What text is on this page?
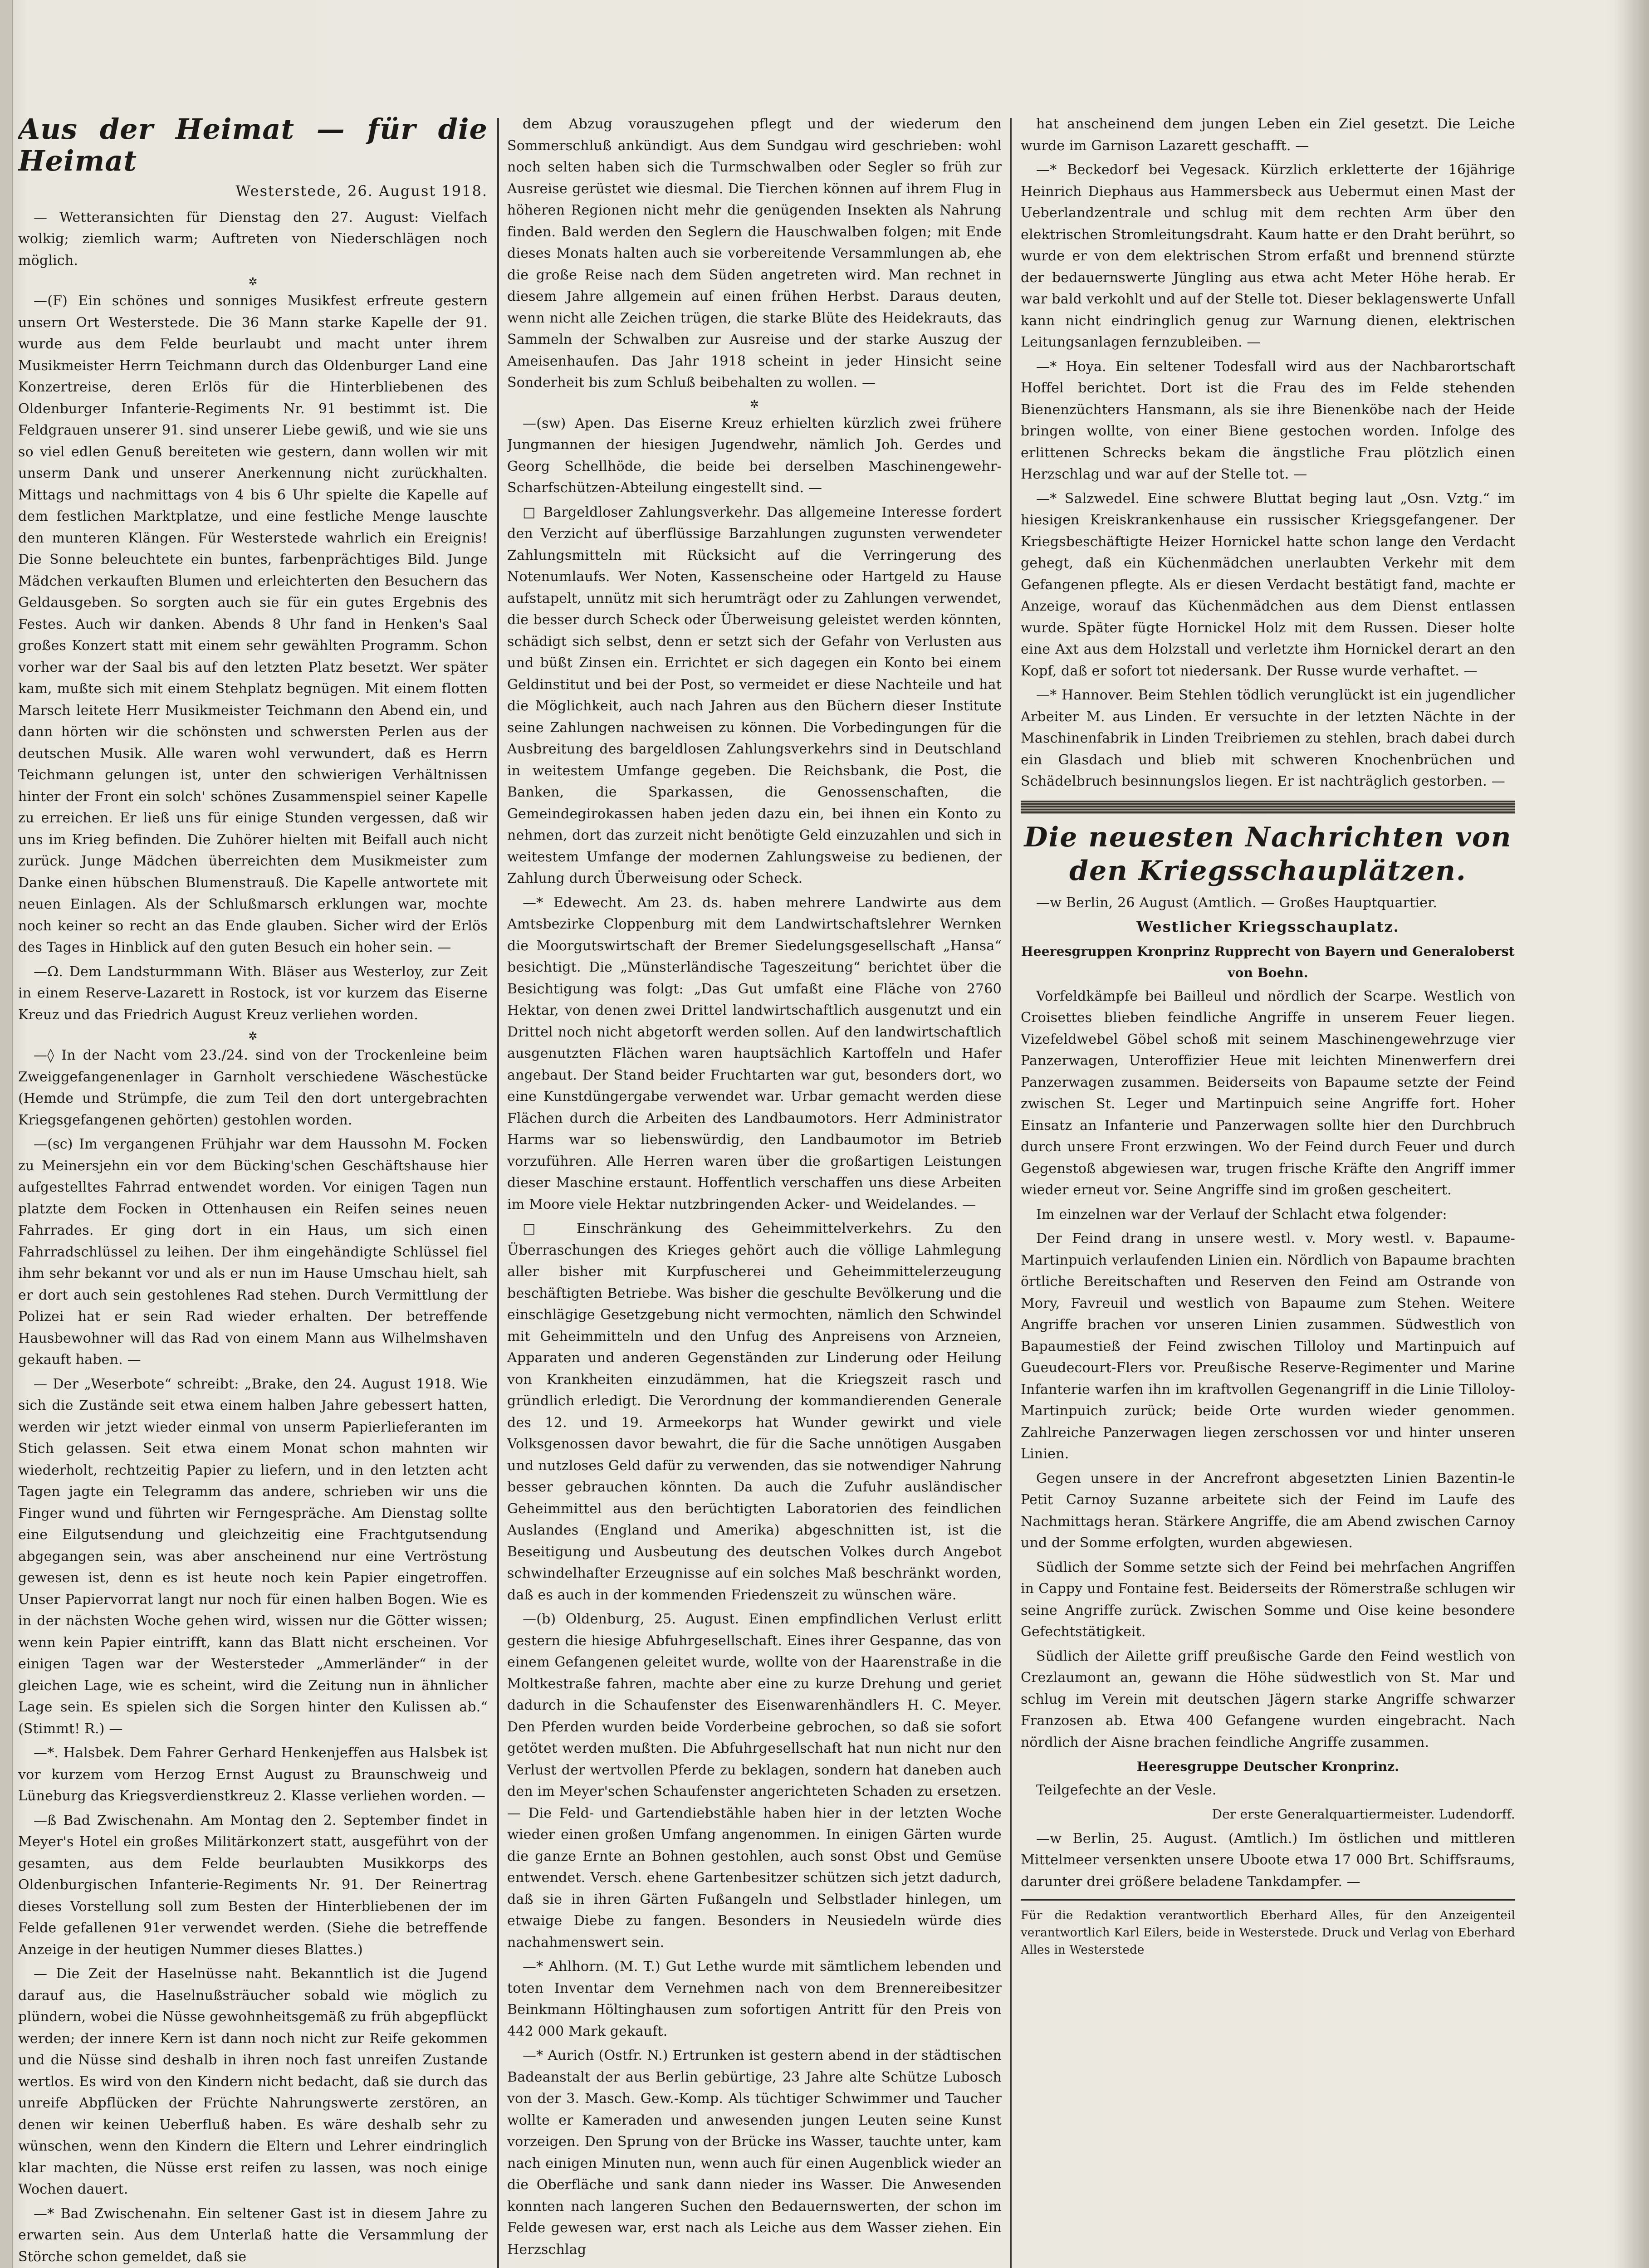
Aus der Heimat — für die Heimat

Westerstede, 26. August 1918.

— Wetteransichten für Dienstag den 27. August: Vielfach wolkig; ziemlich warm; Auftreten von Niederschlägen noch möglich.

✲

—(F) Ein schönes und sonniges Musikfest erfreute gestern unsern Ort Westerstede. Die 36 Mann starke Kapelle der 91. wurde aus dem Felde beurlaubt und macht unter ihrem Musikmeister Herrn Teichmann durch das Oldenburger Land eine Konzertreise, deren Erlös für die Hinterbliebenen des Oldenburger Infanterie-Regiments Nr. 91 bestimmt ist. Die Feldgrauen unserer 91. sind unserer Liebe gewiß, und wie sie uns so viel edlen Genuß bereiteten wie gestern, dann wollen wir mit unserm Dank und unserer Anerkennung nicht zurückhalten. Mittags und nachmittags von 4 bis 6 Uhr spielte die Kapelle auf dem festlichen Marktplatze, und eine festliche Menge lauschte den munteren Klängen. Für Westerstede wahrlich ein Ereignis! Die Sonne beleuchtete ein buntes, farbenprächtiges Bild. Junge Mädchen verkauften Blumen und erleichterten den Besuchern das Geldausgeben. So sorgten auch sie für ein gutes Ergebnis des Festes. Auch wir danken. Abends 8 Uhr fand in Henken's Saal großes Konzert statt mit einem sehr gewählten Programm. Schon vorher war der Saal bis auf den letzten Platz besetzt. Wer später kam, mußte sich mit einem Stehplatz begnügen. Mit einem flotten Marsch leitete Herr Musikmeister Teichmann den Abend ein, und dann hörten wir die schönsten und schwersten Perlen aus der deutschen Musik. Alle waren wohl verwundert, daß es Herrn Teichmann gelungen ist, unter den schwierigen Verhältnissen hinter der Front ein solch' schönes Zusammenspiel seiner Kapelle zu erreichen. Er ließ uns für einige Stunden vergessen, daß wir uns im Krieg befinden. Die Zuhörer hielten mit Beifall auch nicht zurück. Junge Mädchen überreichten dem Musikmeister zum Danke einen hübschen Blumenstrauß. Die Kapelle antwortete mit neuen Einlagen. Als der Schlußmarsch erklungen war, mochte noch keiner so recht an das Ende glauben. Sicher wird der Erlös des Tages in Hinblick auf den guten Besuch ein hoher sein. —

—Ω. Dem Landsturmmann With. Bläser aus Westerloy, zur Zeit in einem Reserve-Lazarett in Rostock, ist vor kurzem das Eiserne Kreuz und das Friedrich August Kreuz verliehen worden.

✲

—◊ In der Nacht vom 23./24. sind von der Trockenleine beim Zweiggefangenenlager in Garnholt verschiedene Wäschestücke (Hemde und Strümpfe, die zum Teil den dort untergebrachten Kriegsgefangenen gehörten) gestohlen worden.

—(sc) Im vergangenen Frühjahr war dem Haussohn M. Focken zu Meinersjehn ein vor dem Bücking'schen Geschäftshause hier aufgestelltes Fahrrad entwendet worden. Vor einigen Tagen nun platzte dem Focken in Ottenhausen ein Reifen seines neuen Fahrrades. Er ging dort in ein Haus, um sich einen Fahrradschlüssel zu leihen. Der ihm eingehändigte Schlüssel fiel ihm sehr bekannt vor und als er nun im Hause Umschau hielt, sah er dort auch sein gestohlenes Rad stehen. Durch Vermittlung der Polizei hat er sein Rad wieder erhalten. Der betreffende Hausbewohner will das Rad von einem Mann aus Wilhelmshaven gekauft haben. —

— Der „Weserbote“ schreibt: „Brake, den 24. August 1918. Wie sich die Zustände seit etwa einem halben Jahre gebessert hatten, werden wir jetzt wieder einmal von unserm Papierlieferanten im Stich gelassen. Seit etwa einem Monat schon mahnten wir wiederholt, rechtzeitig Papier zu liefern, und in den letzten acht Tagen jagte ein Telegramm das andere, schrieben wir uns die Finger wund und führten wir Ferngespräche. Am Dienstag sollte eine Eilgutsendung und gleichzeitig eine Frachtgutsendung abgegangen sein, was aber anscheinend nur eine Vertröstung gewesen ist, denn es ist heute noch kein Papier eingetroffen. Unser Papiervorrat langt nur noch für einen halben Bogen. Wie es in der nächsten Woche gehen wird, wissen nur die Götter wissen; wenn kein Papier eintrifft, kann das Blatt nicht erscheinen. Vor einigen Tagen war der Westersteder „Ammerländer“ in der gleichen Lage, wie es scheint, wird die Zeitung nun in ähnlicher Lage sein. Es spielen sich die Sorgen hinter den Kulissen ab.“ (Stimmt! R.) —

—*. Halsbek. Dem Fahrer Gerhard Henkenjeffen aus Halsbek ist vor kurzem vom Herzog Ernst August zu Braunschweig und Lüneburg das Kriegsverdienstkreuz 2. Klasse verliehen worden. —

—ß Bad Zwischenahn. Am Montag den 2. September findet in Meyer's Hotel ein großes Militärkonzert statt, ausgeführt von der gesamten, aus dem Felde beurlaubten Musikkorps des Oldenburgischen Infanterie-Regiments Nr. 91. Der Reinertrag dieses Vorstellung soll zum Besten der Hinterbliebenen der im Felde gefallenen 91er verwendet werden. (Siehe die betreffende Anzeige in der heutigen Nummer dieses Blattes.)

— Die Zeit der Haselnüsse naht. Bekanntlich ist die Jugend darauf aus, die Haselnußsträucher sobald wie möglich zu plündern, wobei die Nüsse gewohnheitsgemäß zu früh abgepflückt werden; der innere Kern ist dann noch nicht zur Reife gekommen und die Nüsse sind deshalb in ihren noch fast unreifen Zustande wertlos. Es wird von den Kindern nicht bedacht, daß sie durch das unreife Abpflücken der Früchte Nahrungswerte zerstören, an denen wir keinen Ueberfluß haben. Es wäre deshalb sehr zu wünschen, wenn den Kindern die Eltern und Lehrer eindringlich klar machten, die Nüsse erst reifen zu lassen, was noch einige Wochen dauert.

—* Bad Zwischenahn. Ein seltener Gast ist in diesem Jahre zu erwarten sein. Aus dem Unterlaß hatte die Versammlung der Störche schon gemeldet, daß sie

dem Abzug vorauszugehen pflegt und der wiederum den Sommerschluß ankündigt. Aus dem Sundgau wird geschrieben: wohl noch selten haben sich die Turmschwalben oder Segler so früh zur Ausreise gerüstet wie diesmal. Die Tierchen können auf ihrem Flug in höheren Regionen nicht mehr die genügenden Insekten als Nahrung finden. Bald werden den Seglern die Hauschwalben folgen; mit Ende dieses Monats halten auch sie vorbereitende Versammlungen ab, ehe die große Reise nach dem Süden angetreten wird. Man rechnet in diesem Jahre allgemein auf einen frühen Herbst. Daraus deuten, wenn nicht alle Zeichen trügen, die starke Blüte des Heidekrauts, das Sammeln der Schwalben zur Ausreise und der starke Auszug der Ameisenhaufen. Das Jahr 1918 scheint in jeder Hinsicht seine Sonderheit bis zum Schluß beibehalten zu wollen. —

✲

—(sw) Apen. Das Eiserne Kreuz erhielten kürzlich zwei frühere Jungmannen der hiesigen Jugendwehr, nämlich Joh. Gerdes und Georg Schellhöde, die beide bei derselben Maschinengewehr-Scharfschützen-Abteilung eingestellt sind. —

□ Bargeldloser Zahlungsverkehr. Das allgemeine Interesse fordert den Verzicht auf überflüssige Barzahlungen zugunsten verwendeter Zahlungsmitteln mit Rücksicht auf die Verringerung des Notenumlaufs. Wer Noten, Kassenscheine oder Hartgeld zu Hause aufstapelt, unnütz mit sich herumträgt oder zu Zahlungen verwendet, die besser durch Scheck oder Überweisung geleistet werden könnten, schädigt sich selbst, denn er setzt sich der Gefahr von Verlusten aus und büßt Zinsen ein. Errichtet er sich dagegen ein Konto bei einem Geldinstitut und bei der Post, so vermeidet er diese Nachteile und hat die Möglichkeit, auch nach Jahren aus den Büchern dieser Institute seine Zahlungen nachweisen zu können. Die Vorbedingungen für die Ausbreitung des bargeldlosen Zahlungsverkehrs sind in Deutschland in weitestem Umfange gegeben. Die Reichsbank, die Post, die Banken, die Sparkassen, die Genossenschaften, die Gemeindegirokassen haben jeden dazu ein, bei ihnen ein Konto zu nehmen, dort das zurzeit nicht benötigte Geld einzuzahlen und sich in weitestem Umfange der modernen Zahlungsweise zu bedienen, der Zahlung durch Überweisung oder Scheck.

—* Edewecht. Am 23. ds. haben mehrere Landwirte aus dem Amtsbezirke Cloppenburg mit dem Landwirtschaftslehrer Wernken die Moorgutswirtschaft der Bremer Siedelungsgesellschaft „Hansa“ besichtigt. Die „Münsterländische Tageszeitung“ berichtet über die Besichtigung was folgt: „Das Gut umfaßt eine Fläche von 2760 Hektar, von denen zwei Drittel landwirtschaftlich ausgenutzt und ein Drittel noch nicht abgetorft werden sollen. Auf den landwirtschaftlich ausgenutzten Flächen waren hauptsächlich Kartoffeln und Hafer angebaut. Der Stand beider Fruchtarten war gut, besonders dort, wo eine Kunstdüngergabe verwendet war. Urbar gemacht werden diese Flächen durch die Arbeiten des Landbaumotors. Herr Administrator Harms war so liebenswürdig, den Landbaumotor im Betrieb vorzuführen. Alle Herren waren über die großartigen Leistungen dieser Maschine erstaunt. Hoffentlich verschaffen uns diese Arbeiten im Moore viele Hektar nutzbringenden Acker- und Weidelandes. —

□ Einschränkung des Geheimmittelverkehrs. Zu den Überraschungen des Krieges gehört auch die völlige Lahmlegung aller bisher mit Kurpfuscherei und Geheimmittelerzeugung beschäftigten Betriebe. Was bisher die geschulte Bevölkerung und die einschlägige Gesetzgebung nicht vermochten, nämlich den Schwindel mit Geheimmitteln und den Unfug des Anpreisens von Arzneien, Apparaten und anderen Gegenständen zur Linderung oder Heilung von Krankheiten einzudämmen, hat die Kriegszeit rasch und gründlich erledigt. Die Verordnung der kommandierenden Generale des 12. und 19. Armeekorps hat Wunder gewirkt und viele Volksgenossen davor bewahrt, die für die Sache unnötigen Ausgaben und nutzloses Geld dafür zu verwenden, das sie notwendiger Nahrung besser gebrauchen könnten. Da auch die Zufuhr ausländischer Geheimmittel aus den berüchtigten Laboratorien des feindlichen Auslandes (England und Amerika) abgeschnitten ist, ist die Beseitigung und Ausbeutung des deutschen Volkes durch Angebot schwindelhafter Erzeugnisse auf ein solches Maß beschränkt worden, daß es auch in der kommenden Friedenszeit zu wünschen wäre.

—(b) Oldenburg, 25. August. Einen empfindlichen Verlust erlitt gestern die hiesige Abfuhrgesellschaft. Eines ihrer Gespanne, das von einem Gefangenen geleitet wurde, wollte von der Haarenstraße in die Moltkestraße fahren, machte aber eine zu kurze Drehung und geriet dadurch in die Schaufenster des Eisenwarenhändlers H. C. Meyer. Den Pferden wurden beide Vorderbeine gebrochen, so daß sie sofort getötet werden mußten. Die Abfuhrgesellschaft hat nun nicht nur den Verlust der wertvollen Pferde zu beklagen, sondern hat daneben auch den im Meyer'schen Schaufenster angerichteten Schaden zu ersetzen. — Die Feld- und Gartendiebstähle haben hier in der letzten Woche wieder einen großen Umfang angenommen. In einigen Gärten wurde die ganze Ernte an Bohnen gestohlen, auch sonst Obst und Gemüse entwendet. Versch. ehene Gartenbesitzer schützen sich jetzt dadurch, daß sie in ihren Gärten Fußangeln und Selbstlader hinlegen, um etwaige Diebe zu fangen. Besonders in Neusiedeln würde dies nachahmenswert sein.

—* Ahlhorn. (M. T.) Gut Lethe wurde mit sämtlichem lebenden und toten Inventar dem Vernehmen nach von dem Brennereibesitzer Beinkmann Höltinghausen zum sofortigen Antritt für den Preis von 442 000 Mark gekauft.

—* Aurich (Ostfr. N.) Ertrunken ist gestern abend in der städtischen Badeanstalt der aus Berlin gebürtige, 23 Jahre alte Schütze Lubosch von der 3. Masch. Gew.-Komp. Als tüchtiger Schwimmer und Taucher wollte er Kameraden und anwesenden jungen Leuten seine Kunst vorzeigen. Den Sprung von der Brücke ins Wasser, tauchte unter, kam nach einigen Minuten nun, wenn auch für einen Augenblick wieder an die Oberfläche und sank dann nieder ins Wasser. Die Anwesenden konnten nach langeren Suchen den Bedauernswerten, der schon im Felde gewesen war, erst nach als Leiche aus dem Wasser ziehen. Ein Herzschlag

hat anscheinend dem jungen Leben ein Ziel gesetzt. Die Leiche wurde im Garnison Lazarett geschafft. —

—* Beckedorf bei Vegesack. Kürzlich erkletterte der 16jährige Heinrich Diephaus aus Hammersbeck aus Uebermut einen Mast der Ueberlandzentrale und schlug mit dem rechten Arm über den elektrischen Stromleitungsdraht. Kaum hatte er den Draht berührt, so wurde er von dem elektrischen Strom erfaßt und brennend stürzte der bedauernswerte Jüngling aus etwa acht Meter Höhe herab. Er war bald verkohlt und auf der Stelle tot. Dieser beklagenswerte Unfall kann nicht eindringlich genug zur Warnung dienen, elektrischen Leitungsanlagen fernzubleiben. —

—* Hoya. Ein seltener Todesfall wird aus der Nachbarortschaft Hoffel berichtet. Dort ist die Frau des im Felde stehenden Bienenzüchters Hansmann, als sie ihre Bienenköbe nach der Heide bringen wollte, von einer Biene gestochen worden. Infolge des erlittenen Schrecks bekam die ängstliche Frau plötzlich einen Herzschlag und war auf der Stelle tot. —

—* Salzwedel. Eine schwere Bluttat beging laut „Osn. Vztg.“ im hiesigen Kreiskrankenhause ein russischer Kriegsgefangener. Der Kriegsbeschäftigte Heizer Hornickel hatte schon lange den Verdacht gehegt, daß ein Küchenmädchen unerlaubten Verkehr mit dem Gefangenen pflegte. Als er diesen Verdacht bestätigt fand, machte er Anzeige, worauf das Küchenmädchen aus dem Dienst entlassen wurde. Später fügte Hornickel Holz mit dem Russen. Dieser holte eine Axt aus dem Holzstall und verletzte ihm Hornickel derart an den Kopf, daß er sofort tot niedersank. Der Russe wurde verhaftet. —

—* Hannover. Beim Stehlen tödlich verunglückt ist ein jugendlicher Arbeiter M. aus Linden. Er versuchte in der letzten Nächte in der Maschinenfabrik in Linden Treibriemen zu stehlen, brach dabei durch ein Glasdach und blieb mit schweren Knochenbrüchen und Schädelbruch besinnungslos liegen. Er ist nachträglich gestorben. —

Die neuesten Nachrichten von den Kriegsschauplätzen.

—w Berlin, 26 August (Amtlich. — Großes Hauptquartier.

Westlicher Kriegsschauplatz.

Heeresgruppen Kronprinz Rupprecht von Bayern und Generaloberst von Boehn.

Vorfeldkämpfe bei Bailleul und nördlich der Scarpe. Westlich von Croisettes blieben feindliche Angriffe in unserem Feuer liegen. Vizefeldwebel Göbel schoß mit seinem Maschinengewehrzuge vier Panzerwagen, Unteroffizier Heue mit leichten Minenwerfern drei Panzerwagen zusammen. Beiderseits von Bapaume setzte der Feind zwischen St. Leger und Martinpuich seine Angriffe fort. Hoher Einsatz an Infanterie und Panzerwagen sollte hier den Durchbruch durch unsere Front erzwingen. Wo der Feind durch Feuer und durch Gegenstoß abgewiesen war, trugen frische Kräfte den Angriff immer wieder erneut vor. Seine Angriffe sind im großen gescheitert.

Im einzelnen war der Verlauf der Schlacht etwa folgender:

Der Feind drang in unsere westl. v. Mory westl. v. Bapaume-Martinpuich verlaufenden Linien ein. Nördlich von Bapaume brachten örtliche Bereitschaften und Reserven den Feind am Ostrande von Mory, Favreuil und westlich von Bapaume zum Stehen. Weitere Angriffe brachen vor unseren Linien zusammen. Südwestlich von Bapaumestieß der Feind zwischen Tilloloy und Martinpuich auf Gueudecourt-Flers vor. Preußische Reserve-Regimenter und Marine Infanterie warfen ihn im kraftvollen Gegenangriff in die Linie Tilloloy-Martinpuich zurück; beide Orte wurden wieder genommen. Zahlreiche Panzerwagen liegen zerschossen vor und hinter unseren Linien.

Gegen unsere in der Ancrefront abgesetzten Linien Bazentin-le Petit Carnoy Suzanne arbeitete sich der Feind im Laufe des Nachmittags heran. Stärkere Angriffe, die am Abend zwischen Carnoy und der Somme erfolgten, wurden abgewiesen.

Südlich der Somme setzte sich der Feind bei mehrfachen Angriffen in Cappy und Fontaine fest. Beiderseits der Römerstraße schlugen wir seine Angriffe zurück. Zwischen Somme und Oise keine besondere Gefechtstätigkeit.

Südlich der Ailette griff preußische Garde den Feind westlich von Crezlaumont an, gewann die Höhe südwestlich von St. Mar und schlug im Verein mit deutschen Jägern starke Angriffe schwarzer Franzosen ab. Etwa 400 Gefangene wurden eingebracht. Nach nördlich der Aisne brachen feindliche Angriffe zusammen.

Heeresgruppe Deutscher Kronprinz.

Teilgefechte an der Vesle.

Der erste Generalquartiermeister. Ludendorff.

—w Berlin, 25. August. (Amtlich.) Im östlichen und mittleren Mittelmeer versenkten unsere Uboote etwa 17 000 Brt. Schiffsraums, darunter drei größere beladene Tankdampfer. —

Für die Redaktion verantwortlich Eberhard Alles, für den Anzeigenteil verantwortlich Karl Eilers, beide in Westerstede. Druck und Verlag von Eberhard Alles in Westerstede
